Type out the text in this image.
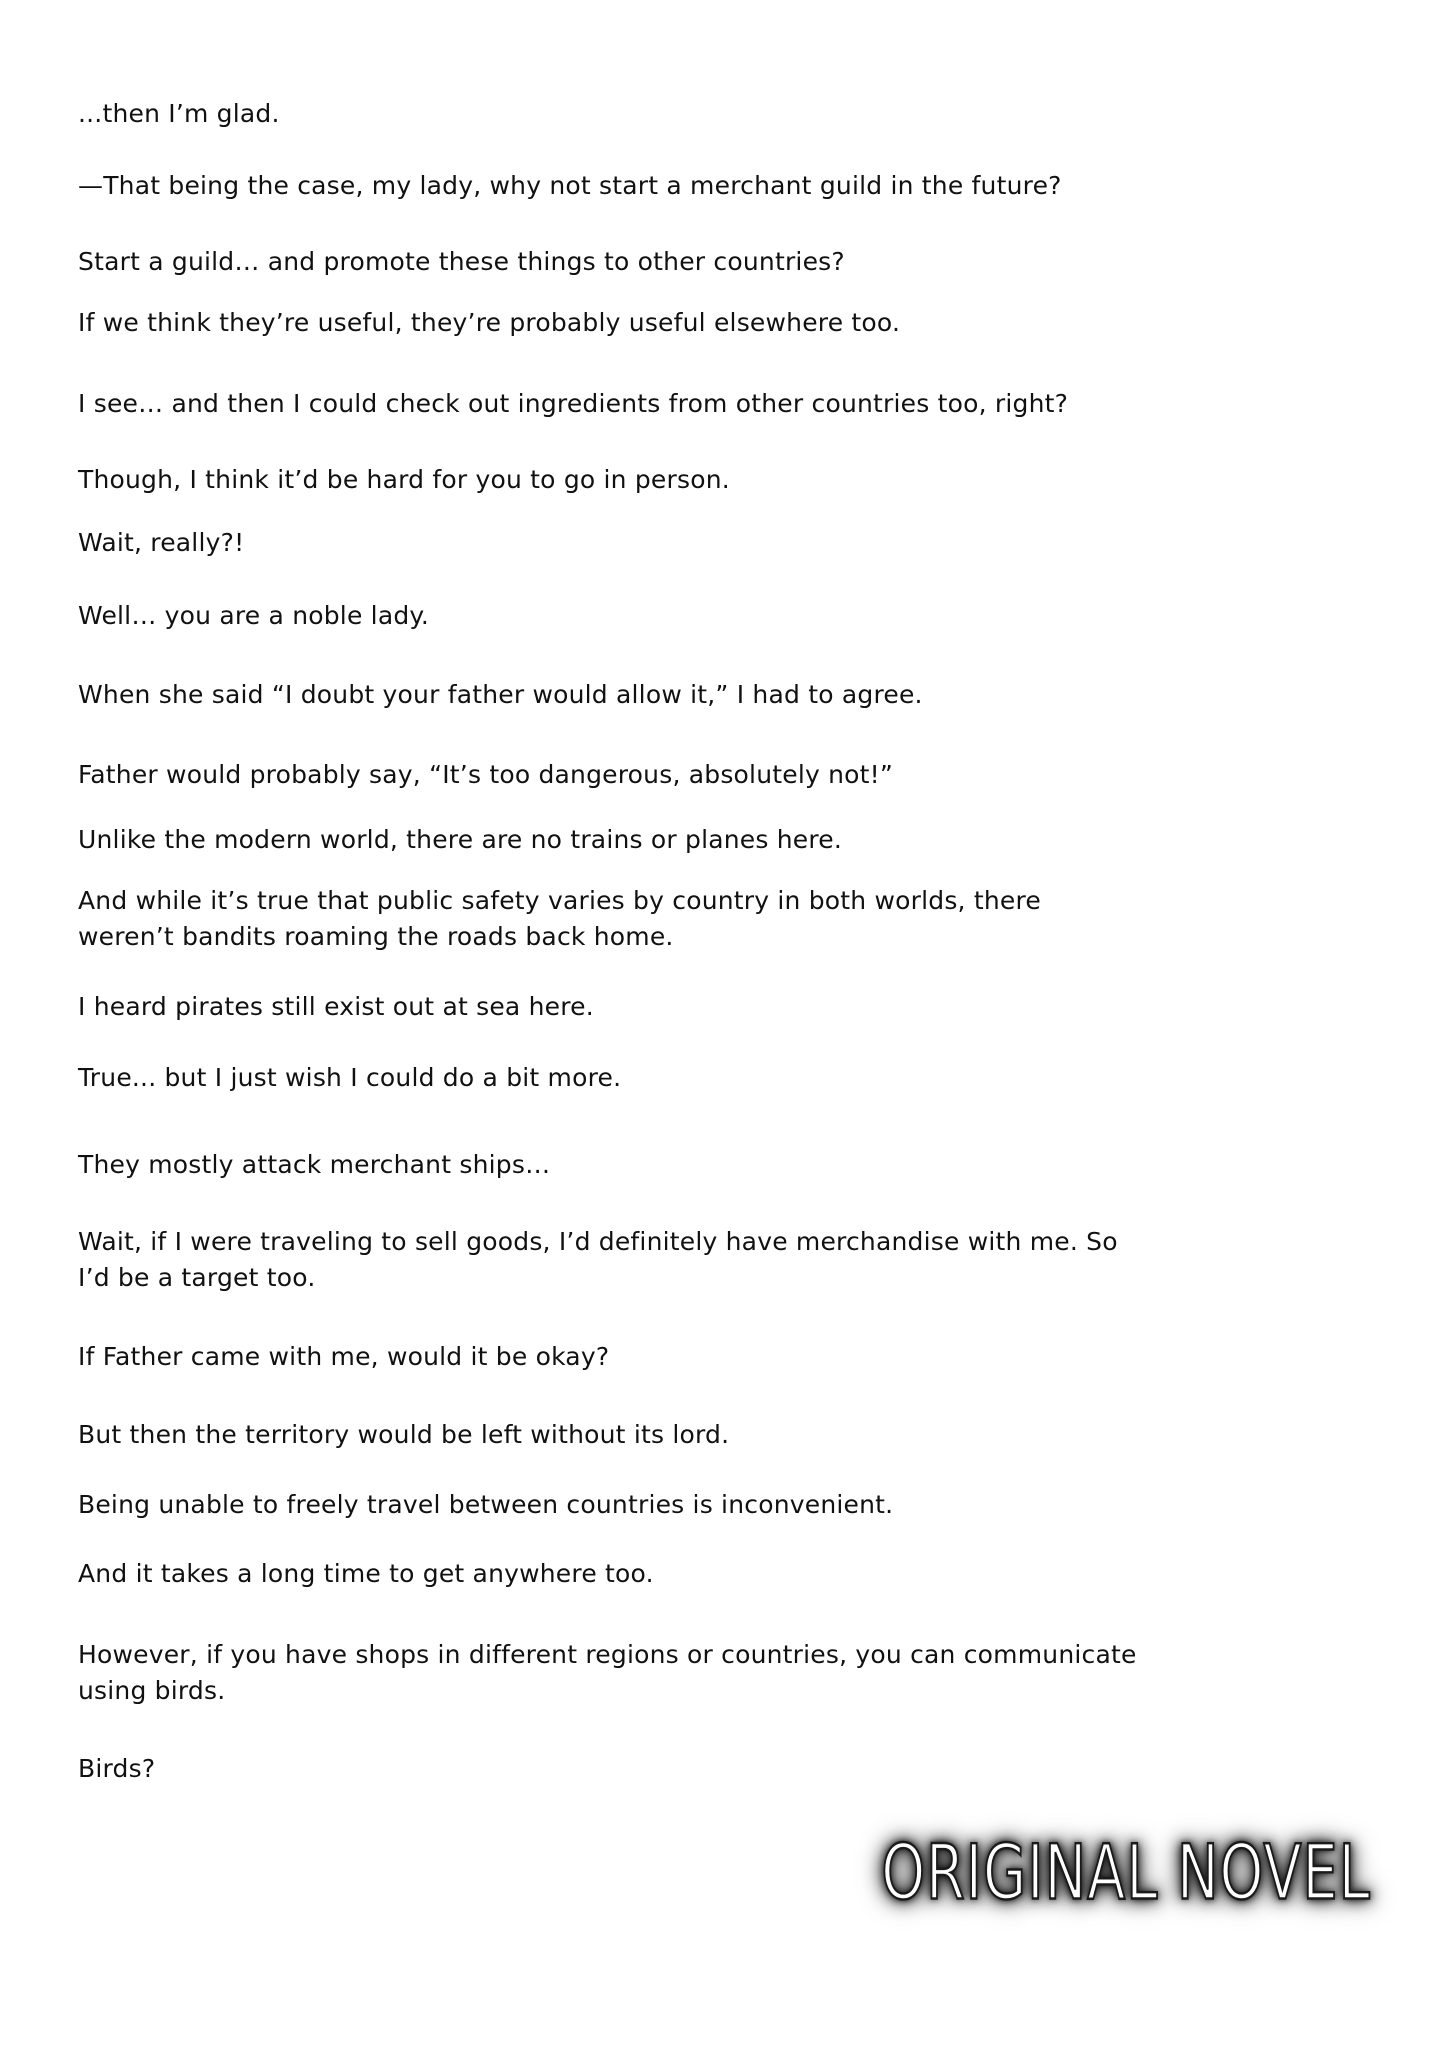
...then I’m glad.

—That being the case, my lady, why not start a merchant guild in the future?

Start a guild… and promote these things to other countries?

If we think they’re useful, they’re probably useful elsewhere too.

I see… and then I could check out ingredients from other countries too, right?

Though, I think it’d be hard for you to go in person.

Wait, really?!

Well… you are a noble lady.

When she said “I doubt your father would allow it,” I had to agree.

Father would probably say, “It’s too dangerous, absolutely not!”

Unlike the modern world, there are no trains or planes here.

And while it’s true that public safety varies by country in both worlds, there weren’t bandits roaming the roads back home.

I heard pirates still exist out at sea here.

True... but I just wish I could do a bit more.

They mostly attack merchant ships…

Wait, if I were traveling to sell goods, I’d definitely have merchandise with me. So I’d be a target too.

If Father came with me, would it be okay?

But then the territory would be left without its lord.

Being unable to freely travel between countries is inconvenient.

And it takes a long time to get anywhere too.

However, if you have shops in different regions or countries, you can communicate using birds.

Birds?

ORIGINAL NOVEL
